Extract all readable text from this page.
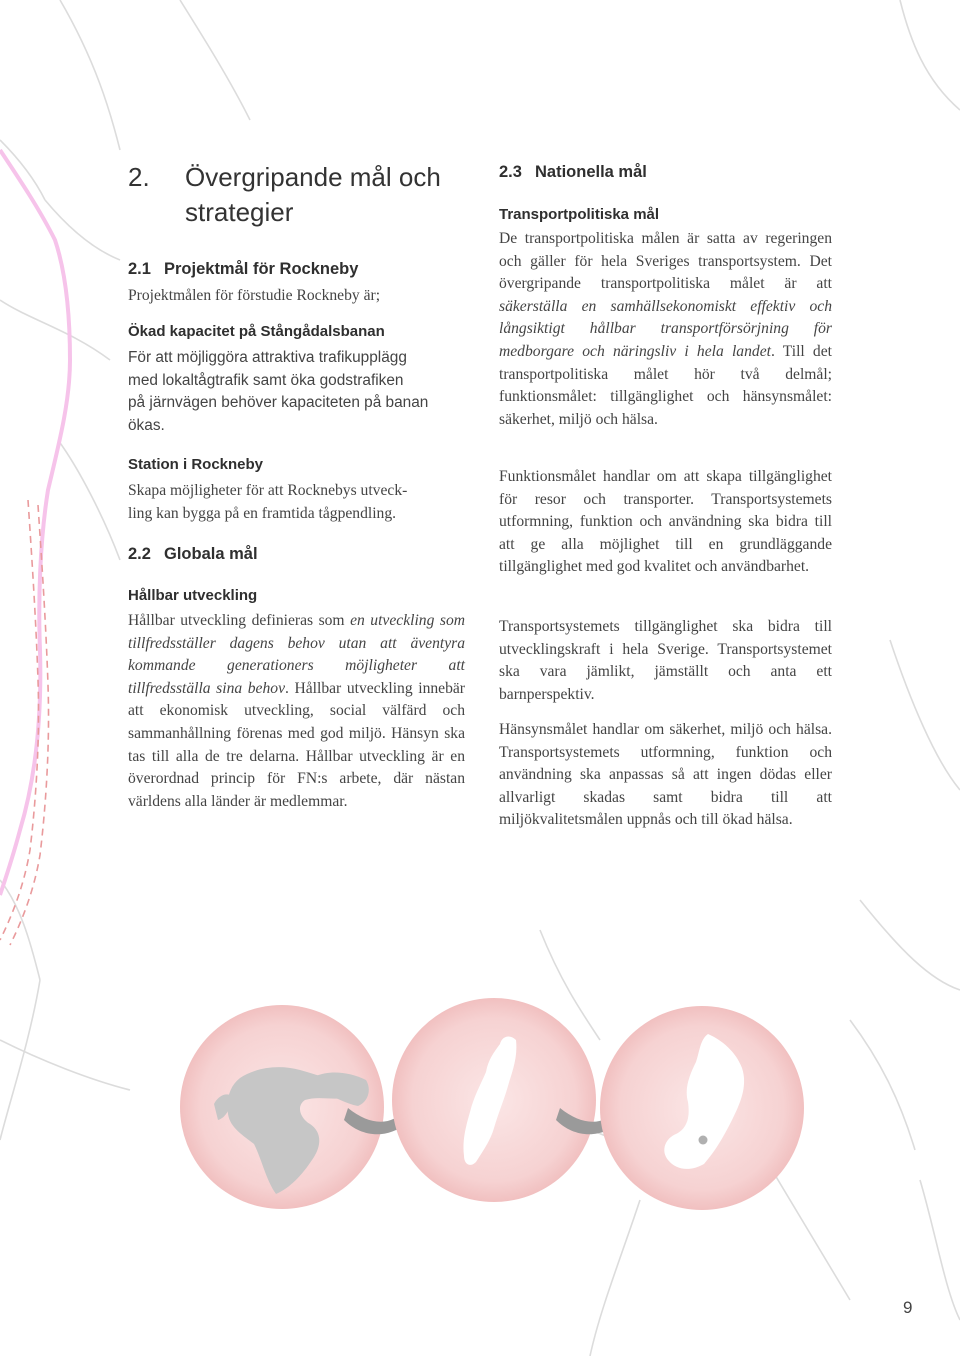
2. Övergripande mål och
strategier
2.1 Projektmål för Rockneby
Projektmålen för förstudie Rockneby är;
Ökad kapacitet på Stångådalsbanan
För att möjliggöra attraktiva trafikupplägg
med lokaltågtrafik samt öka godstrafiken
på järnvägen behöver kapaciteten på banan
ökas.
Station i Rockneby
Skapa möjligheter för att Rocknebys utveck-
ling kan bygga på en framtida tågpendling.
2.2 Globala mål
Hållbar utveckling
Hållbar utveckling definieras som en utveckling som tillfredsställer dagens behov utan att äventyra kommande generationers möjligheter att tillfredsställa sina behov. Hållbar utveckling innebär att ekonomisk utveckling, social välfärd och sammanhållning förenas med god miljö. Hänsyn ska tas till alla de tre delarna. Hållbar utveckling är en överordnad princip för FN:s arbete, där nästan världens alla länder är medlemmar.
2.3 Nationella mål
Transportpolitiska mål
De transportpolitiska målen är satta av regeringen och gäller för hela Sveriges transportsystem. Det övergripande transportpolitiska målet är att säkerställa en samhällsekonomiskt effektiv och långsiktigt hållbar transportförsörjning för medborgare och näringsliv i hela landet. Till det transportpolitiska målet hör två delmål; funktionsmålet: tillgänglighet och hänsynsmålet: säkerhet, miljö och hälsa.
Funktionsmålet handlar om att skapa tillgänglighet för resor och transporter. Transportsystemets utformning, funktion och användning ska bidra till att ge alla möjlighet till en grundläggande tillgänglighet med god kvalitet och användbarhet.
Transportsystemets tillgänglighet ska bidra till utvecklingskraft i hela Sverige. Transportsystemet ska vara jämlikt, jämställt och anta ett barnperspektiv.
Hänsynsmålet handlar om säkerhet, miljö och hälsa. Transportsystemets utformning, funktion och användning ska anpassas så att ingen dödas eller allvarligt skadas samt bidra till att miljökvalitetsmålen uppnås och till ökad hälsa.
9
